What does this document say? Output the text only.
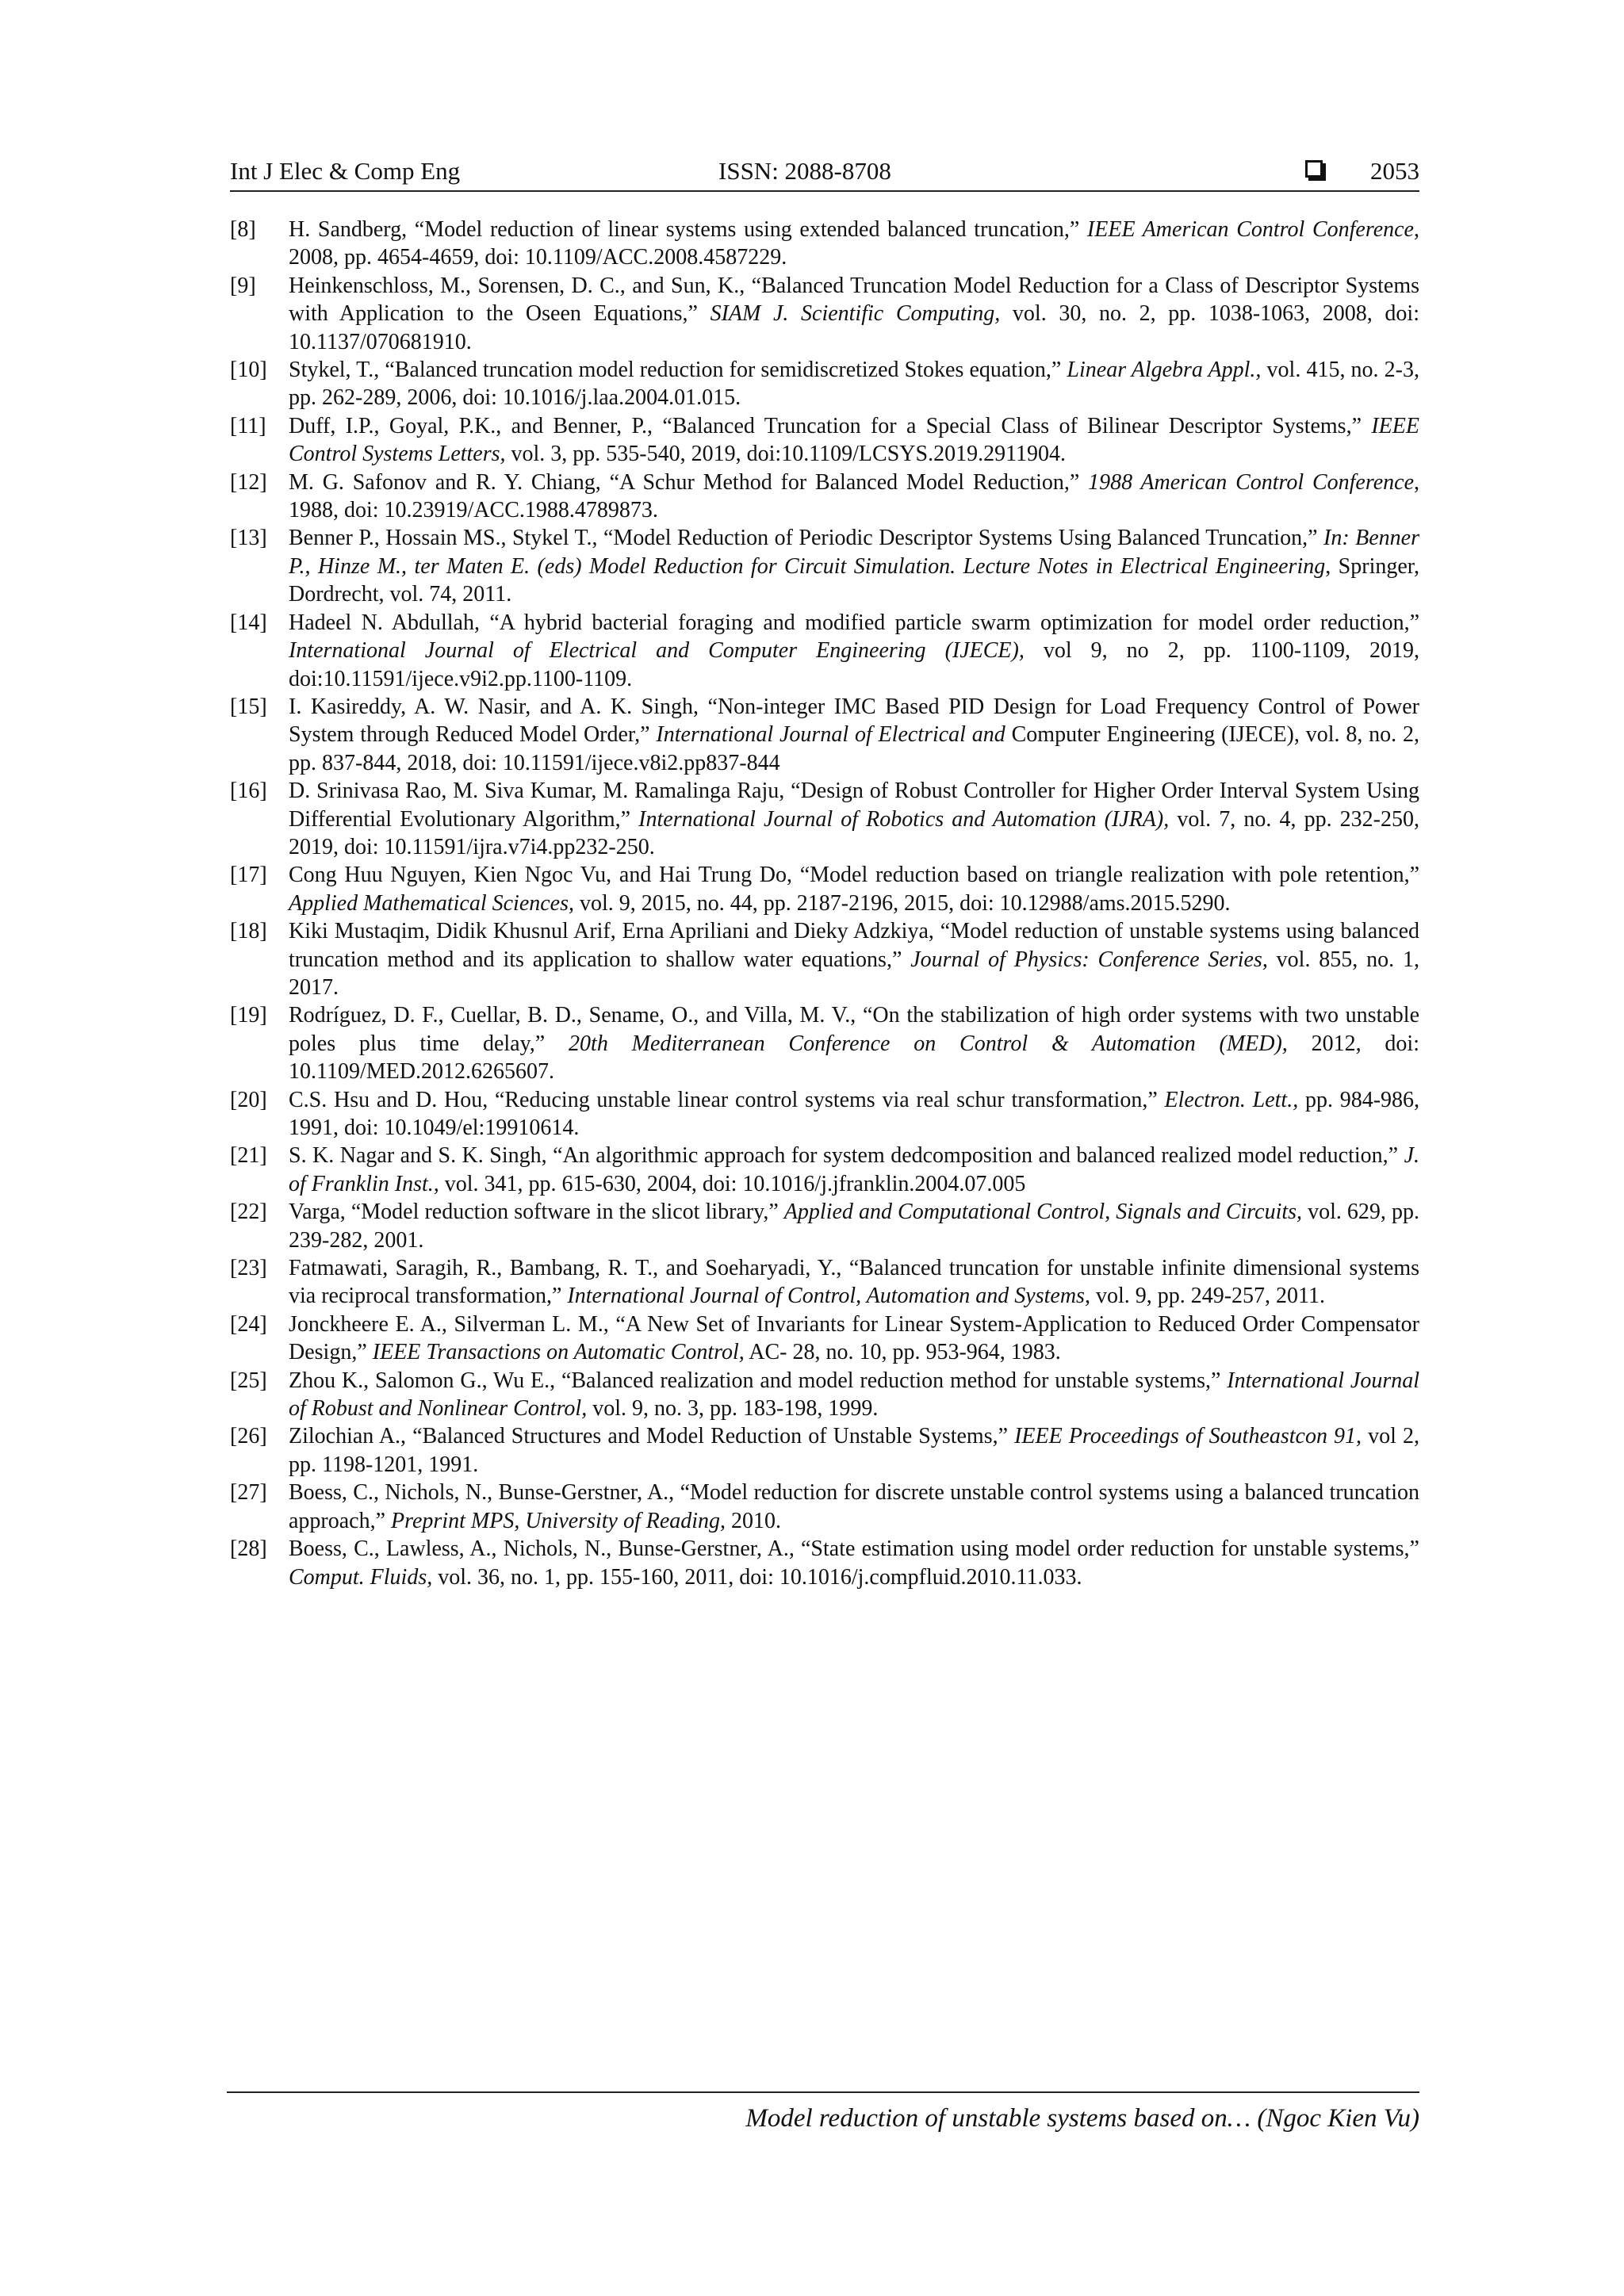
Int J Elec & Comp Eng	ISSN: 2088-8708	2053

[8] H. Sandberg, “Model reduction of linear systems using extended balanced truncation,” IEEE American Control Conference, 2008, pp. 4654-4659, doi: 10.1109/ACC.2008.4587229.

[9] Heinkenschloss, M., Sorensen, D. C., and Sun, K., “Balanced Truncation Model Reduction for a Class of Descriptor Systems with Application to the Oseen Equations,” SIAM J. Scientific Computing, vol. 30, no. 2, pp. 1038-1063, 2008, doi: 10.1137/070681910.

[10] Stykel, T., “Balanced truncation model reduction for semidiscretized Stokes equation,” Linear Algebra Appl., vol. 415, no. 2-3, pp. 262-289, 2006, doi: 10.1016/j.laa.2004.01.015.

[11] Duff, I.P., Goyal, P.K., and Benner, P., “Balanced Truncation for a Special Class of Bilinear Descriptor Systems,” IEEE Control Systems Letters, vol. 3, pp. 535-540, 2019, doi:10.1109/LCSYS.2019.2911904.

[12] M. G. Safonov and R. Y. Chiang, “A Schur Method for Balanced Model Reduction,” 1988 American Control Conference, 1988, doi: 10.23919/ACC.1988.4789873.

[13] Benner P., Hossain MS., Stykel T., “Model Reduction of Periodic Descriptor Systems Using Balanced Truncation,” In: Benner P., Hinze M., ter Maten E. (eds) Model Reduction for Circuit Simulation. Lecture Notes in Electrical Engineering, Springer, Dordrecht, vol. 74, 2011.

[14] Hadeel N. Abdullah, “A hybrid bacterial foraging and modified particle swarm optimization for model order reduction,” International Journal of Electrical and Computer Engineering (IJECE), vol 9, no 2, pp. 1100-1109, 2019, doi:10.11591/ijece.v9i2.pp.1100-1109.

[15] I. Kasireddy, A. W. Nasir, and A. K. Singh, “Non-integer IMC Based PID Design for Load Frequency Control of Power System through Reduced Model Order,” International Journal of Electrical and Computer Engineering (IJECE), vol. 8, no. 2, pp. 837-844, 2018, doi: 10.11591/ijece.v8i2.pp837-844

[16] D. Srinivasa Rao, M. Siva Kumar, M. Ramalinga Raju, “Design of Robust Controller for Higher Order Interval System Using Differential Evolutionary Algorithm,” International Journal of Robotics and Automation (IJRA), vol. 7, no. 4, pp. 232-250, 2019, doi: 10.11591/ijra.v7i4.pp232-250.

[17] Cong Huu Nguyen, Kien Ngoc Vu, and Hai Trung Do, “Model reduction based on triangle realization with pole retention,” Applied Mathematical Sciences, vol. 9, 2015, no. 44, pp. 2187-2196, 2015, doi: 10.12988/ams.2015.5290.

[18] Kiki Mustaqim, Didik Khusnul Arif, Erna Apriliani and Dieky Adzkiya, “Model reduction of unstable systems using balanced truncation method and its application to shallow water equations,” Journal of Physics: Conference Series, vol. 855, no. 1, 2017.

[19] Rodríguez, D. F., Cuellar, B. D., Sename, O., and Villa, M. V., “On the stabilization of high order systems with two unstable poles plus time delay,” 20th Mediterranean Conference on Control & Automation (MED), 2012, doi: 10.1109/MED.2012.6265607.

[20] C.S. Hsu and D. Hou, “Reducing unstable linear control systems via real schur transformation,” Electron. Lett., pp. 984-986, 1991, doi: 10.1049/el:19910614.

[21] S. K. Nagar and S. K. Singh, “An algorithmic approach for system dedcomposition and balanced realized model reduction,” J. of Franklin Inst., vol. 341, pp. 615-630, 2004, doi: 10.1016/j.jfranklin.2004.07.005

[22] Varga, “Model reduction software in the slicot library,” Applied and Computational Control, Signals and Circuits, vol. 629, pp. 239-282, 2001.

[23] Fatmawati, Saragih, R., Bambang, R. T., and Soeharyadi, Y., “Balanced truncation for unstable infinite dimensional systems via reciprocal transformation,” International Journal of Control, Automation and Systems, vol. 9, pp. 249-257, 2011.

[24] Jonckheere E. A., Silverman L. M., “A New Set of Invariants for Linear System-Application to Reduced Order Compensator Design,” IEEE Transactions on Automatic Control, AC- 28, no. 10, pp. 953-964, 1983.

[25] Zhou K., Salomon G., Wu E., “Balanced realization and model reduction method for unstable systems,” International Journal of Robust and Nonlinear Control, vol. 9, no. 3, pp. 183-198, 1999.

[26] Zilochian A., “Balanced Structures and Model Reduction of Unstable Systems,” IEEE Proceedings of Southeastcon 91, vol 2, pp. 1198-1201, 1991.

[27] Boess, C., Nichols, N., Bunse-Gerstner, A., “Model reduction for discrete unstable control systems using a balanced truncation approach,” Preprint MPS, University of Reading, 2010.

[28] Boess, C., Lawless, A., Nichols, N., Bunse-Gerstner, A., “State estimation using model order reduction for unstable systems,” Comput. Fluids, vol. 36, no. 1, pp. 155-160, 2011, doi: 10.1016/j.compfluid.2010.11.033.

Model reduction of unstable systems based on… (Ngoc Kien Vu)
